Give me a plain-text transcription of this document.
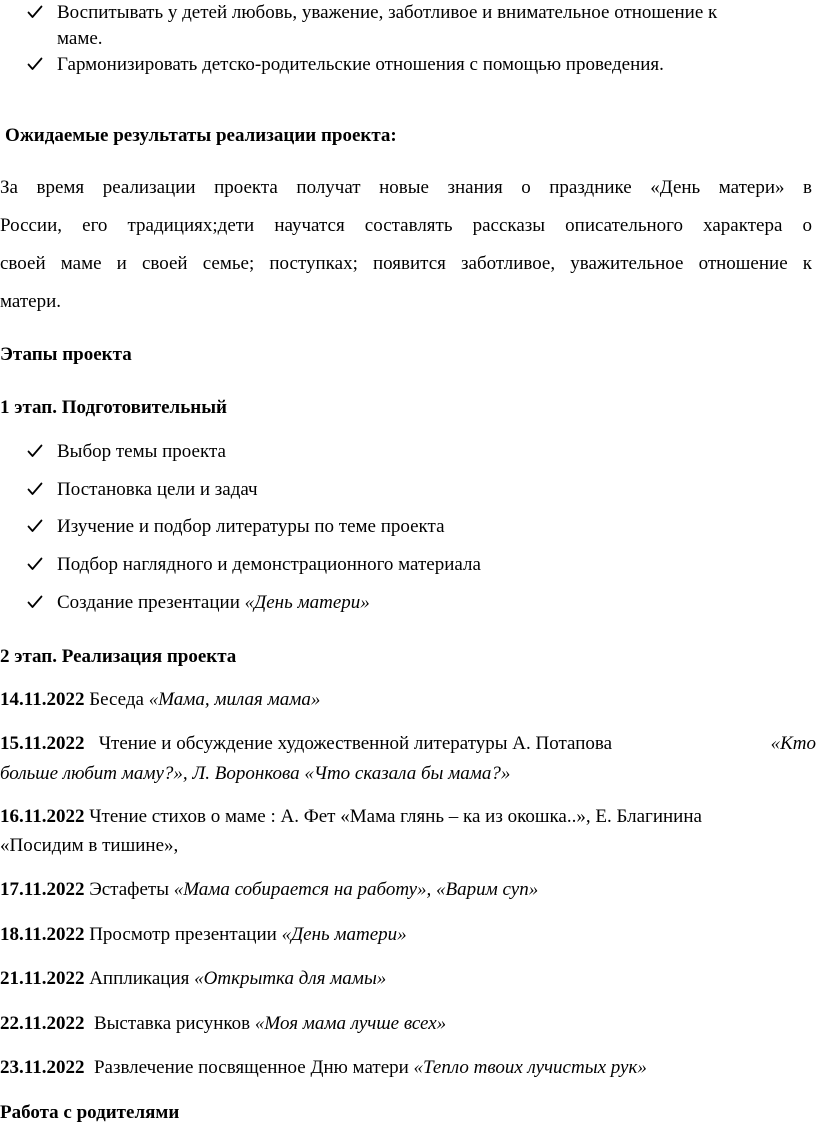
Воспитывать у детей любовь, уважение, заботливое и внимательное отношение к
маме.
Гармонизировать детско-родительские отношения с помощью проведения.
Ожидаемые результаты реализации проекта:
За время реализации проекта получат новые знания о празднике «День матери» в
России, его традициях;дети научатся составлять рассказы описательного характера о
своей маме и своей семье; поступках; появится заботливое, уважительное отношение к
матери.
Этапы проекта
1 этап. Подготовительный
Выбор темы проекта
Постановка цели и задач
Изучение и подбор литературы по теме проекта
Подбор наглядного и демонстрационного материала
Создание презентации «День матери»
2 этап. Реализация проекта
14.11.2022 Беседа «Мама, милая мама»
15.11.2022 Чтение и обсуждение художественной литературы А. Потапова	«Кто
больше любит маму?», Л. Воронкова «Что сказала бы мама?»
16.11.2022 Чтение стихов о маме : А. Фет «Мама глянь – ка из окошка..», Е. Благинина
«Посидим в тишине»,
17.11.2022 Эстафеты «Мама собирается на работу», «Варим суп»
18.11.2022 Просмотр презентации «День матери»
21.11.2022 Аппликация «Открытка для мамы»
22.11.2022  Выставка рисунков «Моя мама лучше всех»
23.11.2022  Развлечение посвященное Дню матери «Тепло твоих лучистых рук»
Работа с родителями
